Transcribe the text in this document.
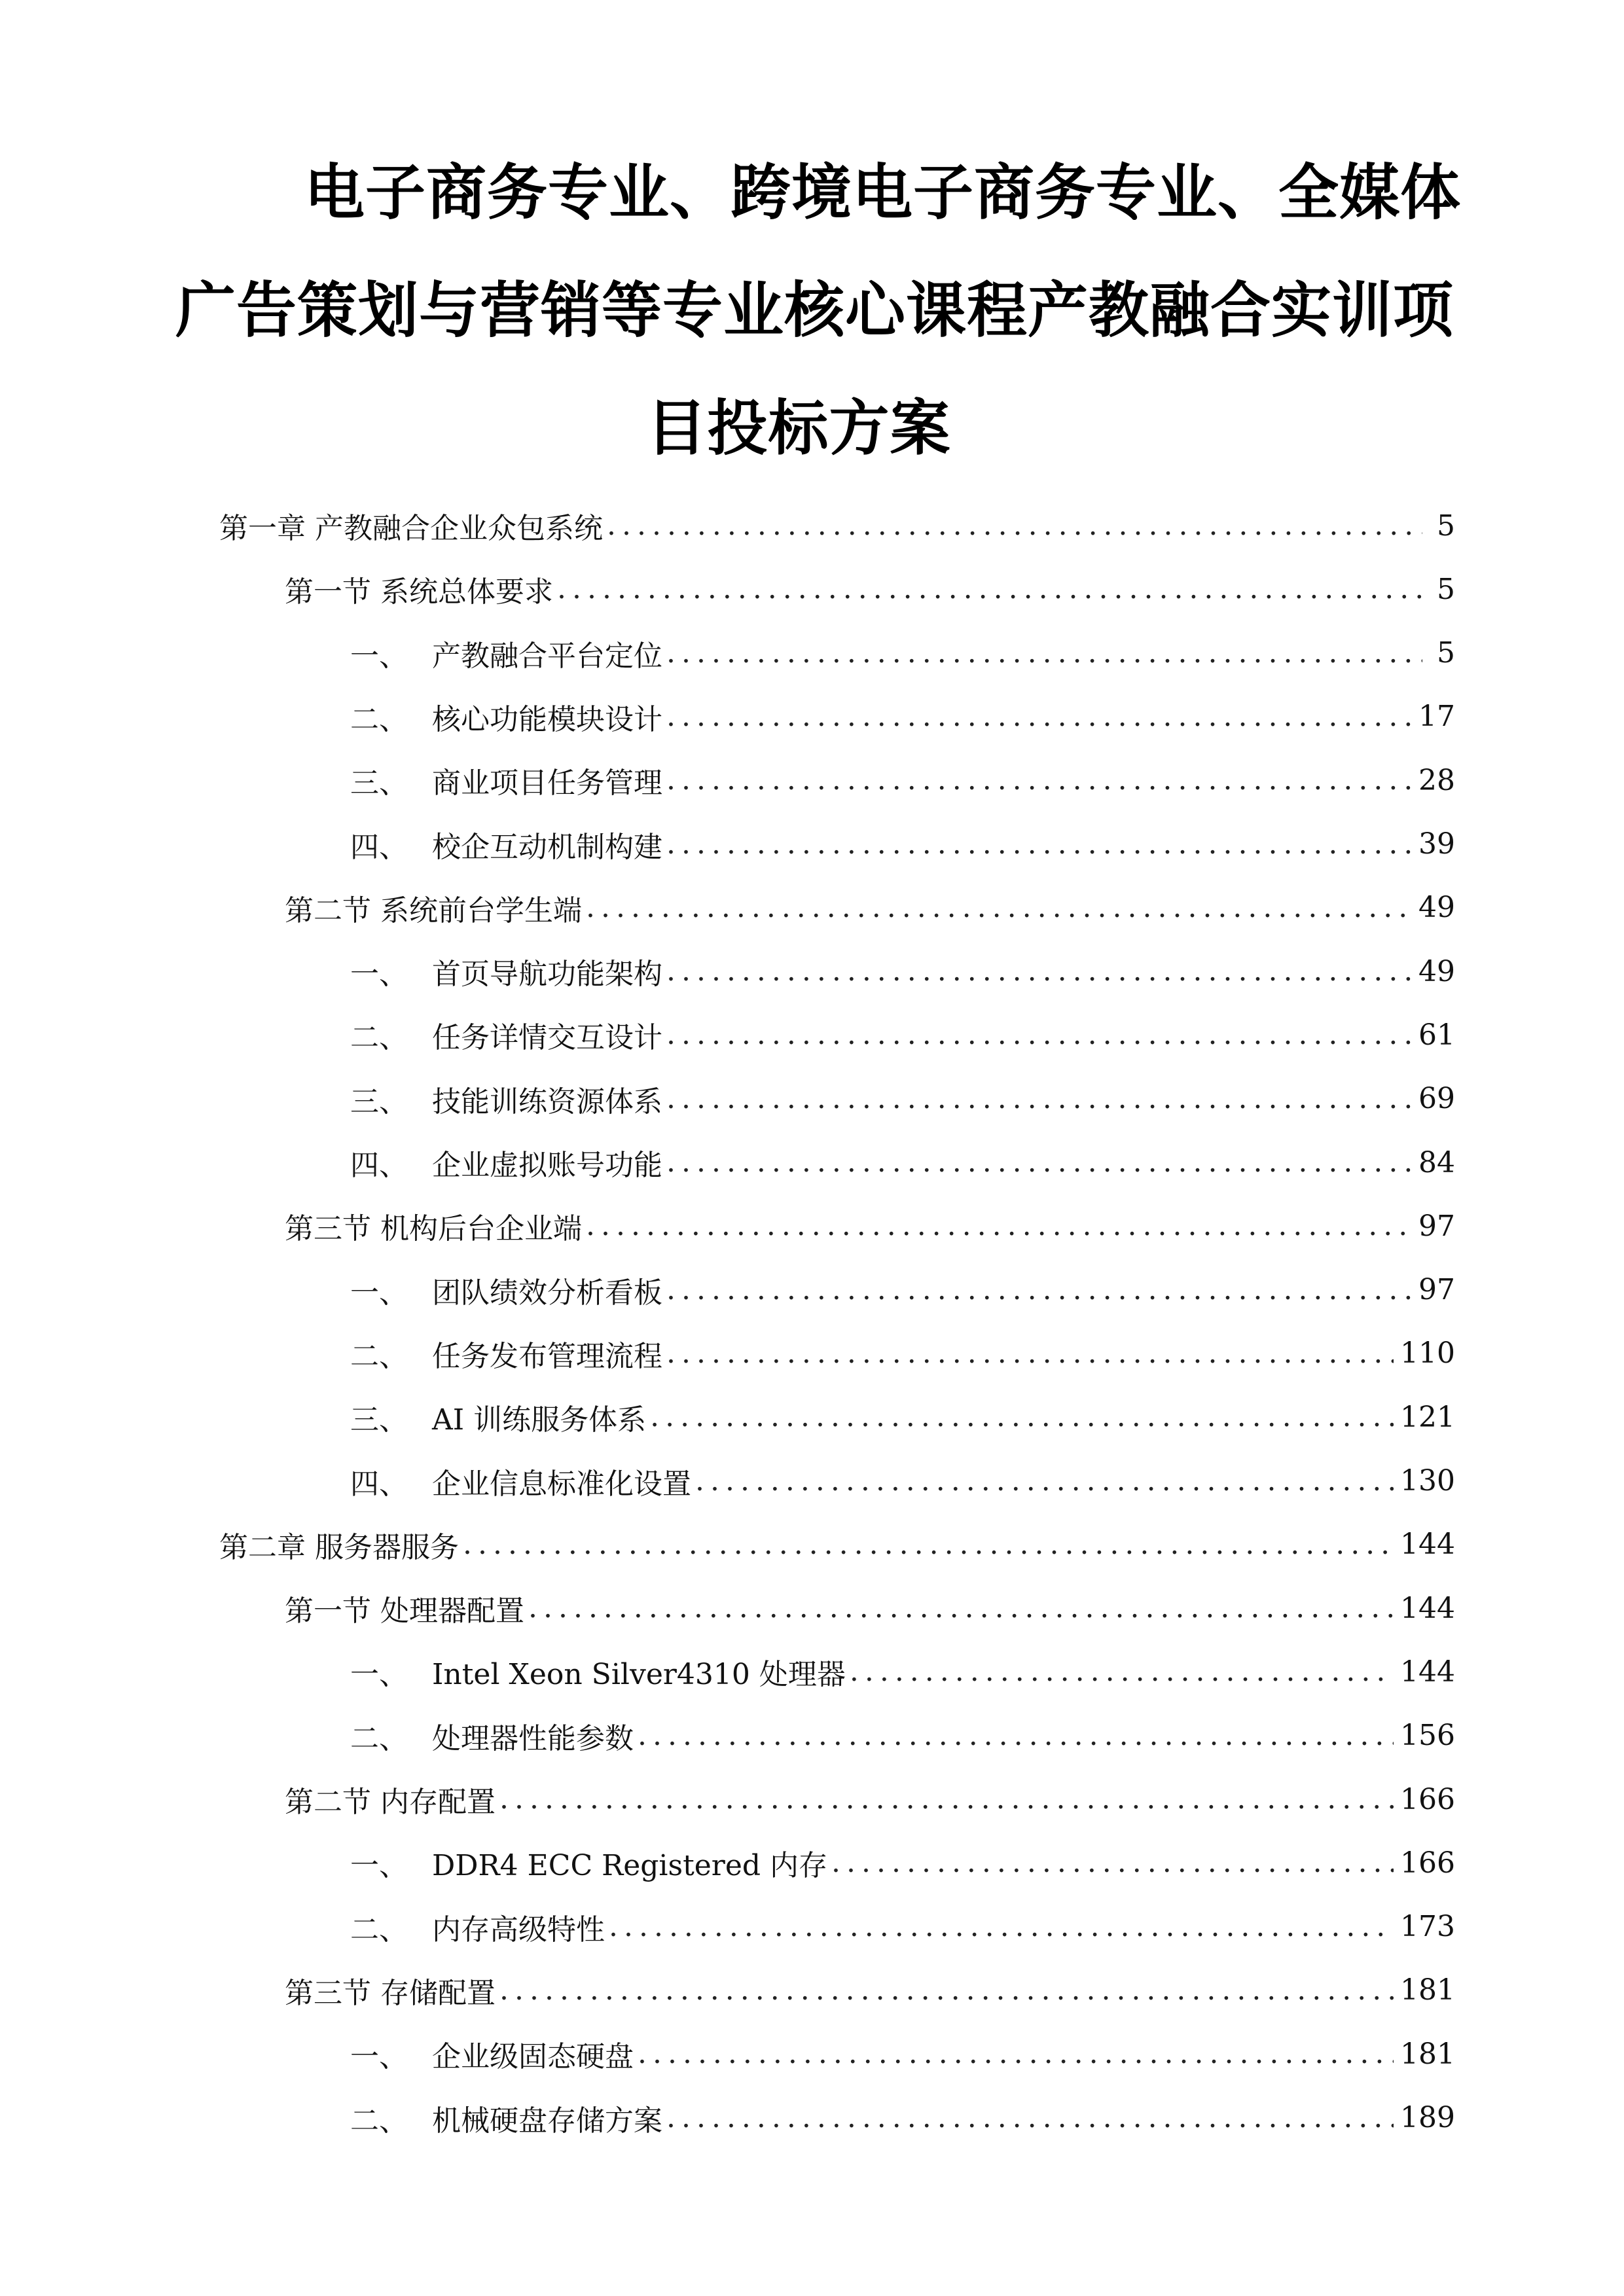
电子商务专业、跨境电子商务专业、全媒体
广告策划与营销等专业核心课程产教融合实训项
目投标方案
第一章 产教融合企业众包系统 .....	5
第一节 系统总体要求 .....	5
一、 产教融合平台定位 .....	5
二、 核心功能模块设计 .....	17
三、 商业项目任务管理 .....	28
四、 校企互动机制构建 .....	39
第二节 系统前台学生端 .....	49
一、 首页导航功能架构 .....	49
二、 任务详情交互设计 .....	61
三、 技能训练资源体系 .....	69
四、 企业虚拟账号功能 .....	84
第三节 机构后台企业端 .....	97
一、 团队绩效分析看板 .....	97
二、 任务发布管理流程 .....	110
三、 AI 训练服务体系 .....	121
四、 企业信息标准化设置 .....	130
第二章 服务器服务 .....	144
第一节 处理器配置 .....	144
一、 Intel Xeon Silver4310 处理器 .....	144
二、 处理器性能参数 .....	156
第二节 内存配置 .....	166
一、 DDR4 ECC Registered 内存 .....	166
二、 内存高级特性 .....	173
第三节 存储配置 .....	181
一、 企业级固态硬盘 .....	181
二、 机械硬盘存储方案 .....	189
